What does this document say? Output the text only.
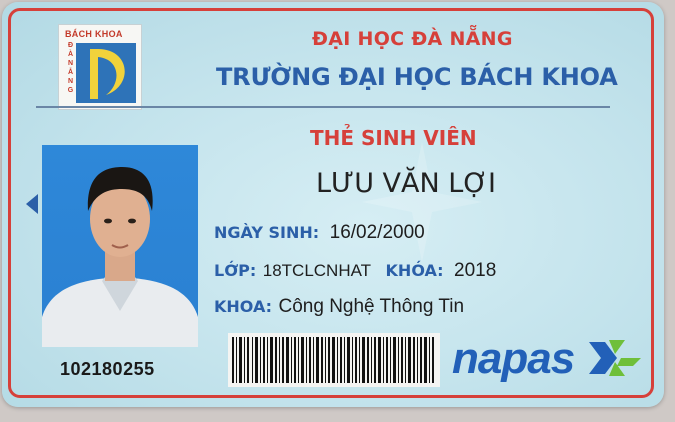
BÁCH KHOA
ĐÀNẴNG
ĐẠI HỌC ĐÀ NẴNG
TRƯỜNG ĐẠI HỌC BÁCH KHOA
THẺ SINH VIÊN
LƯU VĂN LỢI
NGÀY SINH: 16/02/2000
LỚP: 18TCLCNHAT KHÓA: 2018
KHOA: Công Nghệ Thông Tin
102180255	napas
